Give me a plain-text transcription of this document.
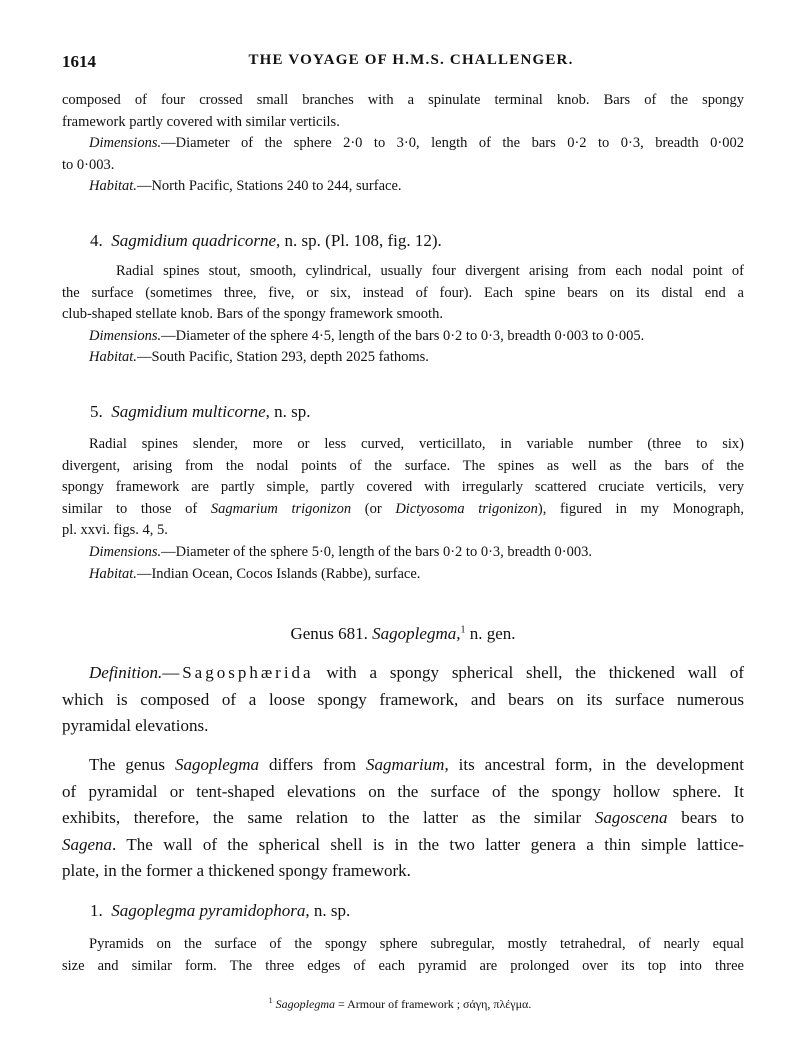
1614	THE VOYAGE OF H.M.S. CHALLENGER.
composed of four crossed small branches with a spinulate terminal knob. Bars of the spongy
framework partly covered with similar verticils.
Dimensions.—Diameter of the sphere 2·0 to 3·0, length of the bars 0·2 to 0·3, breadth 0·002
to 0·003.
Habitat.—North Pacific, Stations 240 to 244, surface.
4. Sagmidium quadricorne, n. sp. (Pl. 108, fig. 12).
Radial spines stout, smooth, cylindrical, usually four divergent arising from each nodal point of
the surface (sometimes three, five, or six, instead of four). Each spine bears on its distal end a
club-shaped stellate knob. Bars of the spongy framework smooth.
Dimensions.—Diameter of the sphere 4·5, length of the bars 0·2 to 0·3, breadth 0·003 to 0·005.
Habitat.—South Pacific, Station 293, depth 2025 fathoms.
5. Sagmidium multicorne, n. sp.
Radial spines slender, more or less curved, verticillato, in variable number (three to six)
divergent, arising from the nodal points of the surface. The spines as well as the bars of the
spongy framework are partly simple, partly covered with irregularly scattered cruciate verticils, very
similar to those of Sagmarium trigonizon (or Dictyosoma trigonizon), figured in my Monograph,
pl. xxvi. figs. 4, 5.
Dimensions.—Diameter of the sphere 5·0, length of the bars 0·2 to 0·3, breadth 0·003.
Habitat.—Indian Ocean, Cocos Islands (Rabbe), surface.
Genus 681. Sagoplegma,$^1$ n. gen.
Definition.—Sagosphærida with a spongy spherical shell, the thickened wall of
which is composed of a loose spongy framework, and bears on its surface numerous
pyramidal elevations.
The genus Sagoplegma differs from Sagmarium, its ancestral form, in the development
of pyramidal or tent-shaped elevations on the surface of the spongy hollow sphere. It
exhibits, therefore, the same relation to the latter as the similar Sagoscena bears to
Sagena. The wall of the spherical shell is in the two latter genera a thin simple lattice-
plate, in the former a thickened spongy framework.
1. Sagoplegma pyramidophora, n. sp.
Pyramids on the surface of the spongy sphere subregular, mostly tetrahedral, of nearly equal
size and similar form. The three edges of each pyramid are prolonged over its top into three
$^1$ Sagoplegma = Armour of framework ; σάγη, πλέγμα.
